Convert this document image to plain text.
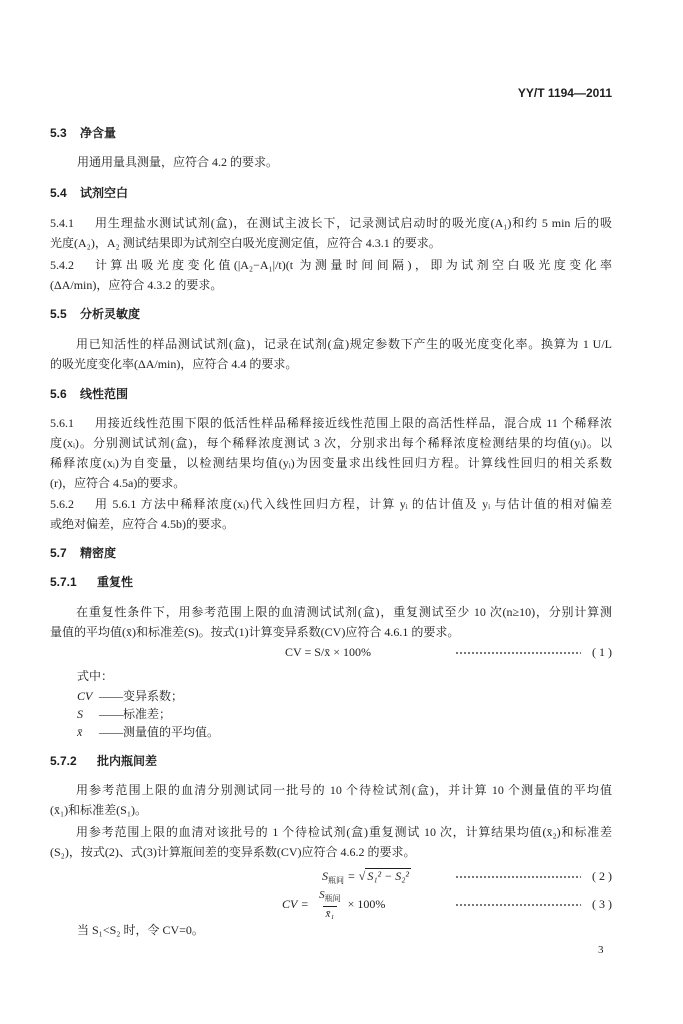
YY/T 1194—2011
5.3 净含量
用通用量具测量，应符合 4.2 的要求。
5.4 试剂空白
5.4.1	用生理盐水测试试剂(盒)，在测试主波长下，记录测试启动时的吸光度(A₁)和约 5 min 后的吸
光度(A₂)，A₂ 测试结果即为试剂空白吸光度测定值，应符合 4.3.1 的要求。
5.4.2	计算出吸光度变化值(|A₂−A₁|/t)(t 为测量时间间隔)，即为试剂空白吸光度变化率
(ΔA/min)，应符合 4.3.2 的要求。
5.5 分析灵敏度
用已知活性的样品测试试剂(盒)，记录在试剂(盒)规定参数下产生的吸光度变化率。换算为 1 U/L
的吸光度变化率(ΔA/min)，应符合 4.4 的要求。
5.6 线性范围
5.6.1	用接近线性范围下限的低活性样品稀释接近线性范围上限的高活性样品，混合成 11 个稀释浓
度(xᵢ)。分别测试试剂(盒)，每个稀释浓度测试 3 次，分别求出每个稀释浓度检测结果的均值(yᵢ)。以
稀释浓度(xᵢ)为自变量，以检测结果均值(yᵢ)为因变量求出线性回归方程。计算线性回归的相关系数
(r)，应符合 4.5a)的要求。
5.6.2	用 5.6.1 方法中稀释浓度(xᵢ)代入线性回归方程，计算 yᵢ 的估计值及 yᵢ 与估计值的相对偏差
或绝对偏差，应符合 4.5b)的要求。
5.7 精密度
5.7.1 重复性
在重复性条件下，用参考范围上限的血清测试试剂(盒)，重复测试至少 10 次(n≥10)，分别计算测
量值的平均值(x̄)和标准差(S)。按式(1)计算变异系数(CV)应符合 4.6.1 的要求。
CV = S/x̄ × 100%	( 1 )
式中：
CV ——变异系数；
S ——标准差；
x̄ ——测量值的平均值。
5.7.2 批内瓶间差
用参考范围上限的血清分别测试同一批号的 10 个待检试剂(盒)，并计算 10 个测量值的平均值
(x̄₁)和标准差(S₁)。
用参考范围上限的血清对该批号的 1 个待检试剂(盒)重复测试 10 次，计算结果均值(x̄₂)和标准差
(S₂)，按式(2)、式(3)计算瓶间差的变异系数(CV)应符合 4.6.2 的要求。
$S_{瓶间}$ = √ S₁² − S₂²	( 2 )
CV = $\frac{S_{瓶间}}{\text{x̄₁}} \times 100\%$	( 3 )
当 S₁<S₂ 时，令 CV=0。
3
